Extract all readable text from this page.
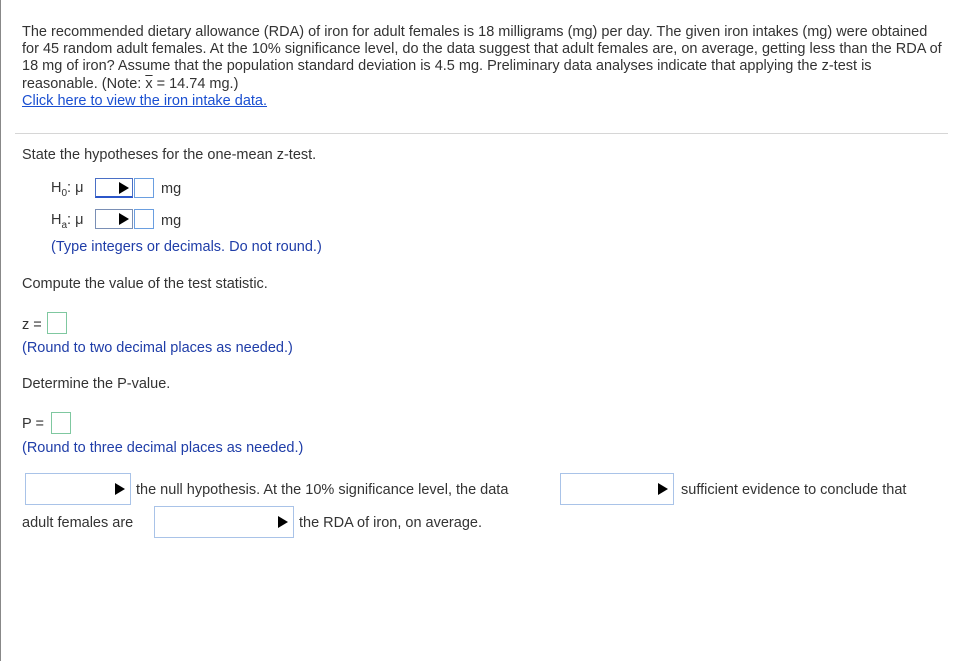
The recommended dietary allowance (RDA) of iron for adult females is 18 milligrams (mg) per day. The given iron intakes (mg) were obtained for 45 random adult females. At the 10% significance level, do the data suggest that adult females are, on average, getting less than the RDA of 18 mg of iron? Assume that the population standard deviation is 4.5 mg. Preliminary data analyses indicate that applying the z-test is reasonable. (Note: $\overline{x} = 14.74$ mg.)
Click here to view the iron intake data.
State the hypotheses for the one-mean z-test.
$H_0$: μ	mg
$H_a$: μ	mg
(Type integers or decimals. Do not round.)
Compute the value of the test statistic.
z =
(Round to two decimal places as needed.)
Determine the P-value.
P =
(Round to three decimal places as needed.)
the null hypothesis. At the 10% significance level, the data	sufficient evidence to conclude that
adult females are	the RDA of iron, on average.
